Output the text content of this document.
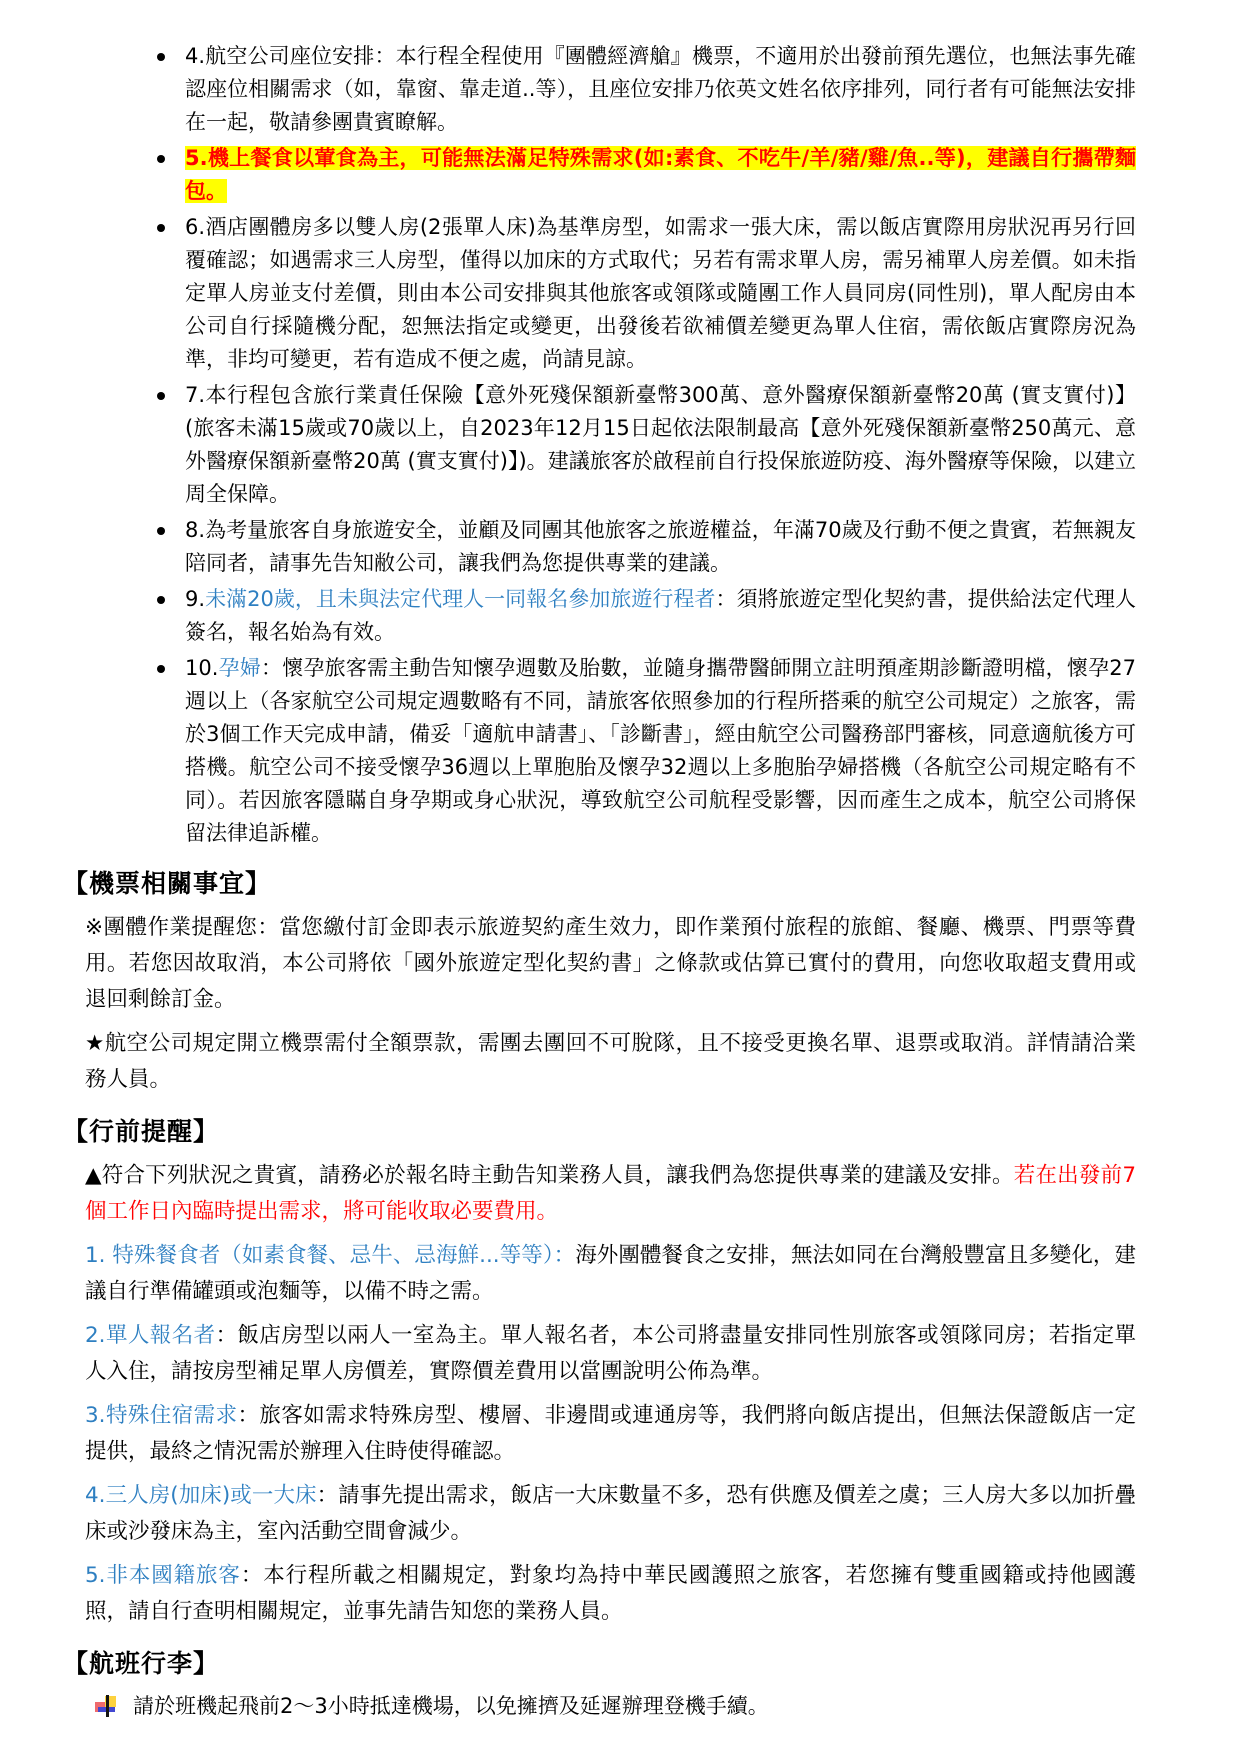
4.航空公司座位安排：本行程全程使用『團體經濟艙』機票，不適用於出發前預先選位，也無法事先確認座位相關需求（如，靠窗、靠走道..等），且座位安排乃依英文姓名依序排列，同行者有可能無法安排在一起，敬請參團貴賓瞭解。
5.機上餐食以葷食為主，可能無法滿足特殊需求(如:素食、不吃牛/羊/豬/雞/魚..等)，建議自行攜帶麵包。
6.酒店團體房多以雙人房(2張單人床)為基準房型，如需求一張大床，需以飯店實際用房狀況再另行回覆確認；如遇需求三人房型，僅得以加床的方式取代；另若有需求單人房，需另補單人房差價。如未指定單人房並支付差價，則由本公司安排與其他旅客或領隊或隨團工作人員同房(同性別)，單人配房由本公司自行採隨機分配，恕無法指定或變更，出發後若欲補價差變更為單人住宿，需依飯店實際房況為準，非均可變更，若有造成不便之處，尚請見諒。
7.本行程包含旅行業責任保險【意外死殘保額新臺幣300萬、意外醫療保額新臺幣20萬 (實支實付)】(旅客未滿15歲或70歲以上，自2023年12月15日起依法限制最高【意外死殘保額新臺幣250萬元、意外醫療保額新臺幣20萬 (實支實付)】)。建議旅客於啟程前自行投保旅遊防疫、海外醫療等保險，以建立周全保障。
8.為考量旅客自身旅遊安全，並顧及同團其他旅客之旅遊權益，年滿70歲及行動不便之貴賓，若無親友陪同者，請事先告知敝公司，讓我們為您提供專業的建議。
9.未滿20歲，且未與法定代理人一同報名參加旅遊行程者：須將旅遊定型化契約書，提供給法定代理人簽名，報名始為有效。
10.孕婦：懷孕旅客需主動告知懷孕週數及胎數，並隨身攜帶醫師開立註明預產期診斷證明檔，懷孕27週以上（各家航空公司規定週數略有不同，請旅客依照參加的行程所搭乘的航空公司規定）之旅客，需於3個工作天完成申請，備妥「適航申請書」、「診斷書」，經由航空公司醫務部門審核，同意適航後方可搭機。航空公司不接受懷孕36週以上單胞胎及懷孕32週以上多胞胎孕婦搭機（各航空公司規定略有不同）。若因旅客隱瞞自身孕期或身心狀況，導致航空公司航程受影響，因而產生之成本，航空公司將保留法律追訴權。
【機票相關事宜】

※團體作業提醒您：當您繳付訂金即表示旅遊契約產生效力，即作業預付旅程的旅館、餐廳、機票、門票等費用。若您因故取消，本公司將依「國外旅遊定型化契約書」之條款或估算已實付的費用，向您收取超支費用或退回剩餘訂金。

★航空公司規定開立機票需付全額票款，需團去團回不可脫隊，且不接受更換名單、退票或取消。詳情請洽業務人員。

【行前提醒】

▲符合下列狀況之貴賓，請務必於報名時主動告知業務人員，讓我們為您提供專業的建議及安排。若在出發前7個工作日內臨時提出需求，將可能收取必要費用。

1. 特殊餐食者（如素食餐、忌牛、忌海鮮...等等）：海外團體餐食之安排，無法如同在台灣般豐富且多變化，建議自行準備罐頭或泡麵等，以備不時之需。

2.單人報名者：飯店房型以兩人一室為主。單人報名者，本公司將盡量安排同性別旅客或領隊同房；若指定單人入住，請按房型補足單人房價差，實際價差費用以當團說明公佈為準。

3.特殊住宿需求：旅客如需求特殊房型、樓層、非邊間或連通房等，我們將向飯店提出，但無法保證飯店一定提供，最終之情況需於辦理入住時使得確認。

4.三人房(加床)或一大床：請事先提出需求，飯店一大床數量不多，恐有供應及價差之虞；三人房大多以加折疊床或沙發床為主，室內活動空間會減少。

5.非本國籍旅客：本行程所載之相關規定，對象均為持中華民國護照之旅客，若您擁有雙重國籍或持他國護照，請自行查明相關規定，並事先請告知您的業務人員。

【航班行李】
請於班機起飛前2～3小時抵達機場，以免擁擠及延遲辦理登機手續。
